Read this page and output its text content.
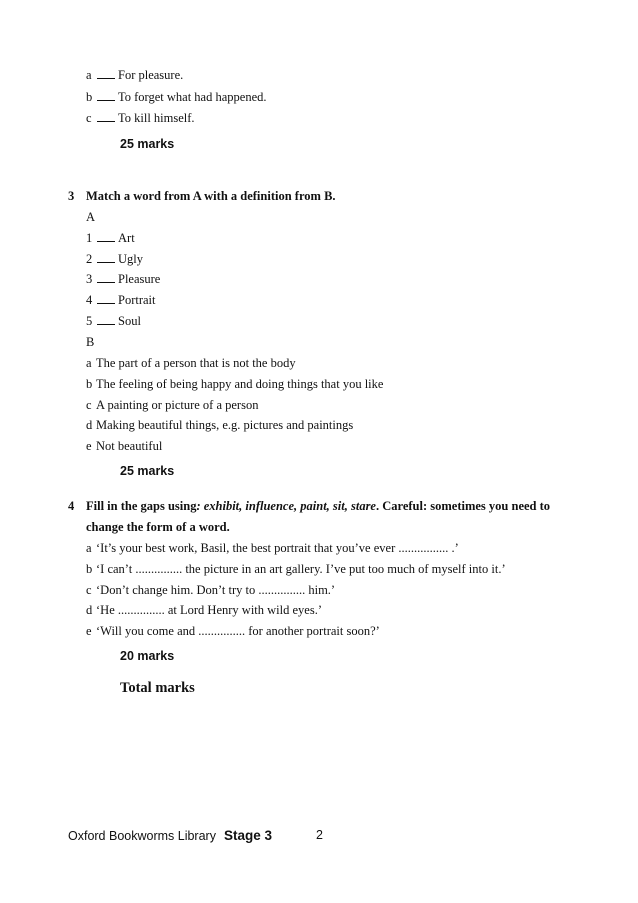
a For pleasure.
b To forget what had happened.
c To kill himself.
25 marks
3 Match a word from A with a definition from B.
A
1 Art
2 Ugly
3 Pleasure
4 Portrait
5 Soul
B
a The part of a person that is not the body
b The feeling of being happy and doing things that you like
c A painting or picture of a person
d Making beautiful things, e.g. pictures and paintings
e Not beautiful
25 marks
4 Fill in the gaps using: exhibit, influence, paint, sit, stare. Careful: sometimes you need to
change the form of a word.
a ‘It’s your best work, Basil, the best portrait that you’ve ever ................ .’
b ‘I can’t ............... the picture in an art gallery. I’ve put too much of myself into it.’
c ‘Don’t change him. Don’t try to ............... him.’
d ‘He ............... at Lord Henry with wild eyes.’
e ‘Will you come and ............... for another portrait soon?’
20 marks
Total marks
Oxford Bookworms Library Stage 3	2
